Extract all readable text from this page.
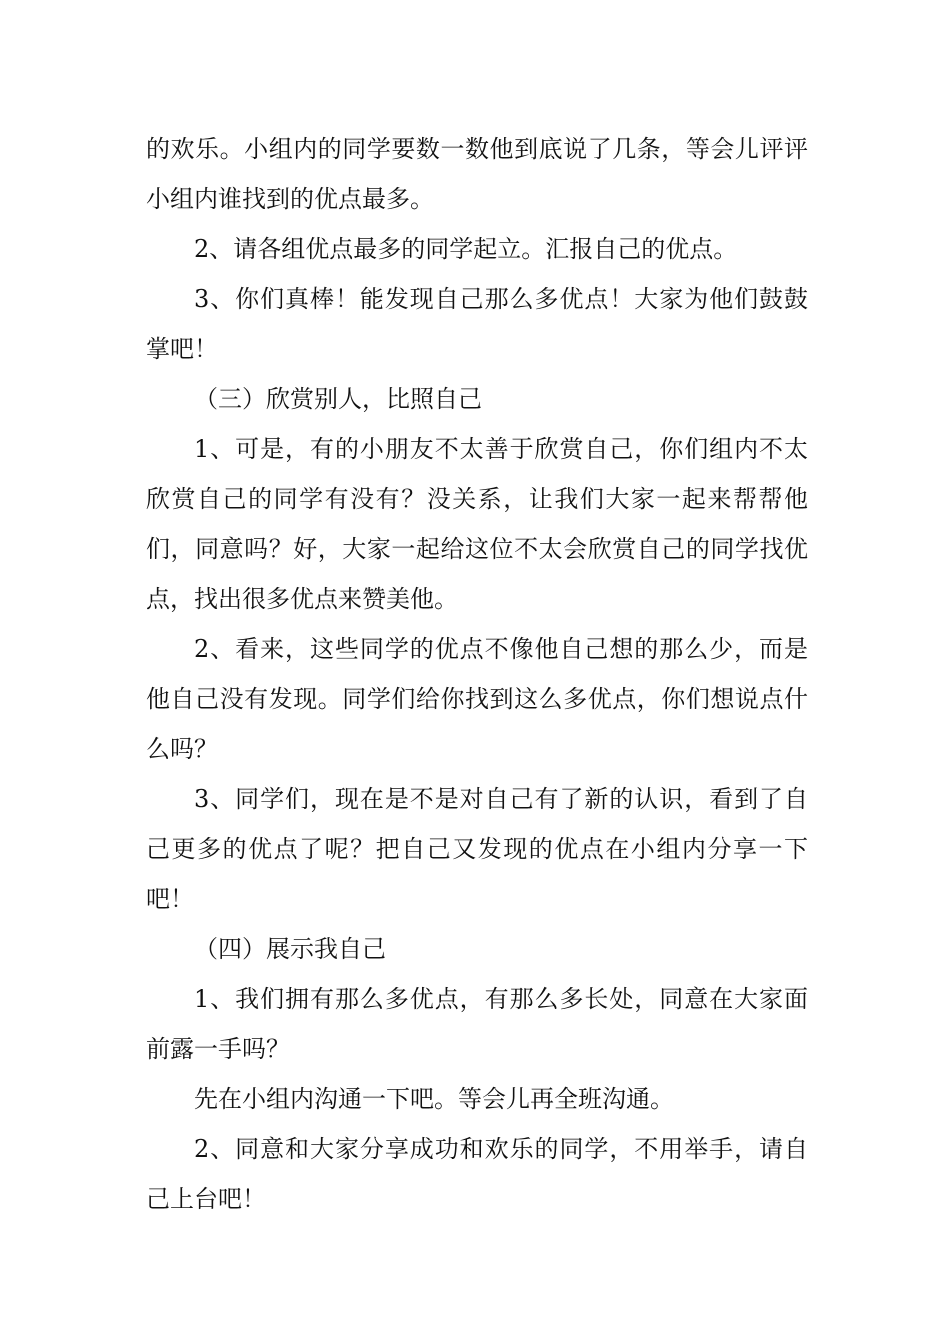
的欢乐。小组内的同学要数一数他到底说了几条，等会儿评评小组内谁找到的优点最多。

2、请各组优点最多的同学起立。汇报自己的优点。

3、你们真棒！能发现自己那么多优点！大家为他们鼓鼓掌吧！

（三）欣赏别人，比照自己

1、可是，有的小朋友不太善于欣赏自己，你们组内不太欣赏自己的同学有没有？没关系，让我们大家一起来帮帮他们，同意吗？好，大家一起给这位不太会欣赏自己的同学找优点，找出很多优点来赞美他。

2、看来，这些同学的优点不像他自己想的那么少，而是他自己没有发现。同学们给你找到这么多优点，你们想说点什么吗？

3、同学们，现在是不是对自己有了新的认识，看到了自己更多的优点了呢？把自己又发现的优点在小组内分享一下吧！

（四）展示我自己

1、我们拥有那么多优点，有那么多长处，同意在大家面前露一手吗？

先在小组内沟通一下吧。等会儿再全班沟通。

2、同意和大家分享成功和欢乐的同学，不用举手，请自己上台吧！
